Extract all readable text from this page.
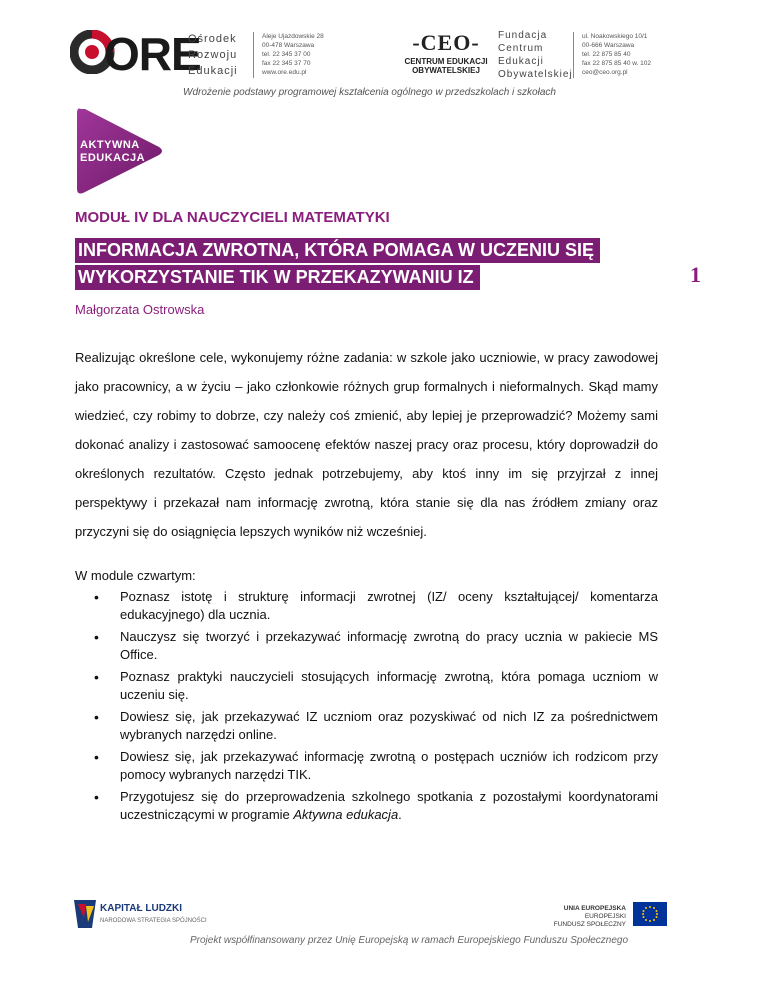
ORE
Ośrodek
Rozwoju
Edukacji
Aleje Ujazdowskie 28
00-478 Warszawa
tel. 22 345 37 00
fax 22 345 37 70
www.ore.edu.pl
-CEO-
CENTRUM EDUKACJI
OBYWATELSKIEJ
Fundacja
Centrum
Edukacji
Obywatelskiej
ul. Noakowskiego 10/1
00-666 Warszawa
tel. 22 875 85 40
fax 22 875 85 40 w. 102
ceo@ceo.org.pl
Wdrożenie podstawy programowej kształcenia ogólnego w przedszkolach i szkołach
AKTYWNA
EDUKACJA
MODUŁ IV DLA NAUCZYCIELI MATEMATYKI
INFORMACJA ZWROTNA, KTÓRA POMAGA W UCZENIU SIĘ
WYKORZYSTANIE TIK W PRZEKAZYWANIU IZ	1
Małgorzata Ostrowska
Realizując określone cele, wykonujemy różne zadania: w szkole jako uczniowie, w pracy zawodowej jako pracownicy, a w życiu – jako członkowie różnych grup formalnych i nieformalnych. Skąd mamy wiedzieć, czy robimy to dobrze, czy należy coś zmienić, aby lepiej je przeprowadzić? Możemy sami dokonać analizy i zastosować samoocenę efektów naszej pracy oraz procesu, który doprowadził do określonych rezultatów. Często jednak potrzebujemy, aby ktoś inny im się przyjrzał z innej perspektywy i przekazał nam informację zwrotną, która stanie się dla nas źródłem zmiany oraz przyczyni się do osiągnięcia lepszych wyników niż wcześniej.
W module czwartym:
• Poznasz istotę i strukturę informacji zwrotnej (IZ/ oceny kształtującej/ komentarza edukacyjnego) dla ucznia.
• Nauczysz się tworzyć i przekazywać informację zwrotną do pracy ucznia w pakiecie MS Office.
• Poznasz praktyki nauczycieli stosujących informację zwrotną, która pomaga uczniom w uczeniu się.
• Dowiesz się, jak przekazywać IZ uczniom oraz pozyskiwać od nich IZ za pośrednictwem wybranych narzędzi online.
• Dowiesz się, jak przekazywać informację zwrotną o postępach uczniów ich rodzicom przy pomocy wybranych narzędzi TIK.
• Przygotujesz się do przeprowadzenia szkolnego spotkania z pozostałymi koordynatorami uczestniczącymi w programie Aktywna edukacja.
KAPITAŁ LUDZKI
NARODOWA STRATEGIA SPÓJNOŚCI
UNIA EUROPEJSKA
EUROPEJSKI
FUNDUSZ SPOŁECZNY
Projekt współfinansowany przez Unię Europejską w ramach Europejskiego Funduszu Społecznego
